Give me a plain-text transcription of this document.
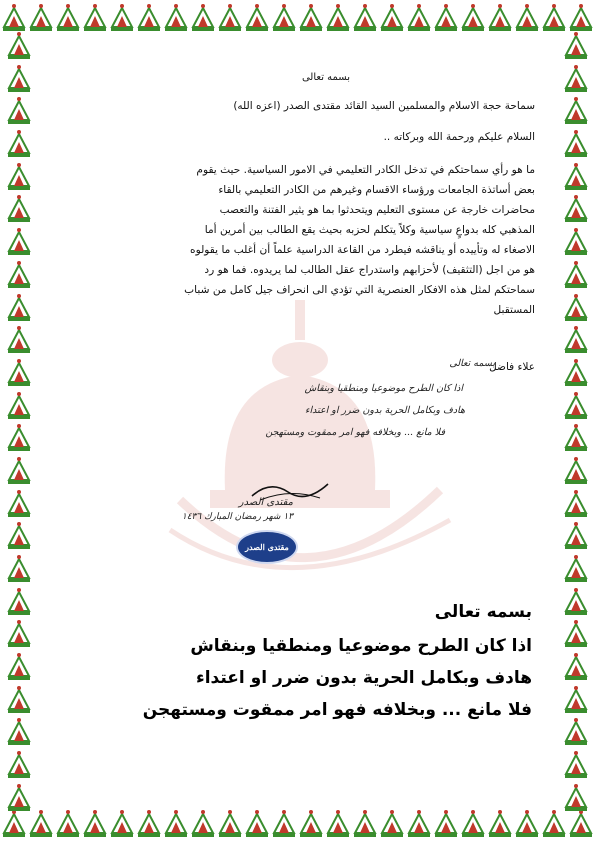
بسمه تعالى
سماحة حجة الاسلام والمسلمين السيد القائد مقتدى الصدر (اعزه الله)
السلام عليكم ورحمة الله وبركاته ..
ما هو رأي سماحتكم في تدخل الكادر التعليمي في الامور السياسية. حيث يقوم
بعض أساتذة الجامعات ورؤساء الاقسام وغيرهم من الكادر التعليمي بالقاء
محاضرات خارجة عن مستوى التعليم ويتحدثوا بما هو يثير الفتنة والتعصب
المذهبي كله بدواعٍ سياسية وكلاً يتكلم لحزبه بحيث يقع الطالب بين أمرين أما
الاصغاء له وتأييده أو يناقشه فيطرد من القاعة الدراسية علماً أن أغلب ما يقولوه
هو من اجل (التثقيف) لأحزابهم واستدراج عقل الطالب لما يريدوه. فما هو رد
سماحتكم لمثل هذه الافكار العنصرية التي تؤدي الى انحراف جيل كامل من شباب
المستقبل
علاء فاضل
بسمه تعالى
اذا كان الطرح موضوعيا ومنطقيا وبنقاش
هادف وبكامل الحرية بدون ضرر او اعتداء
فلا مانع ... وبخلافه فهو امر ممقوت ومستهجن
مقتدى الصدر
١٣ شهر رمضان المبارك ١٤٣٦
مقتدى الصدر
بسمه تعالى
اذا كان الطرح موضوعيا ومنطقيا وبنقاش
هادف وبكامل الحرية بدون ضرر او اعتداء
فلا مانع ... وبخلافه فهو امر ممقوت ومستهجن
